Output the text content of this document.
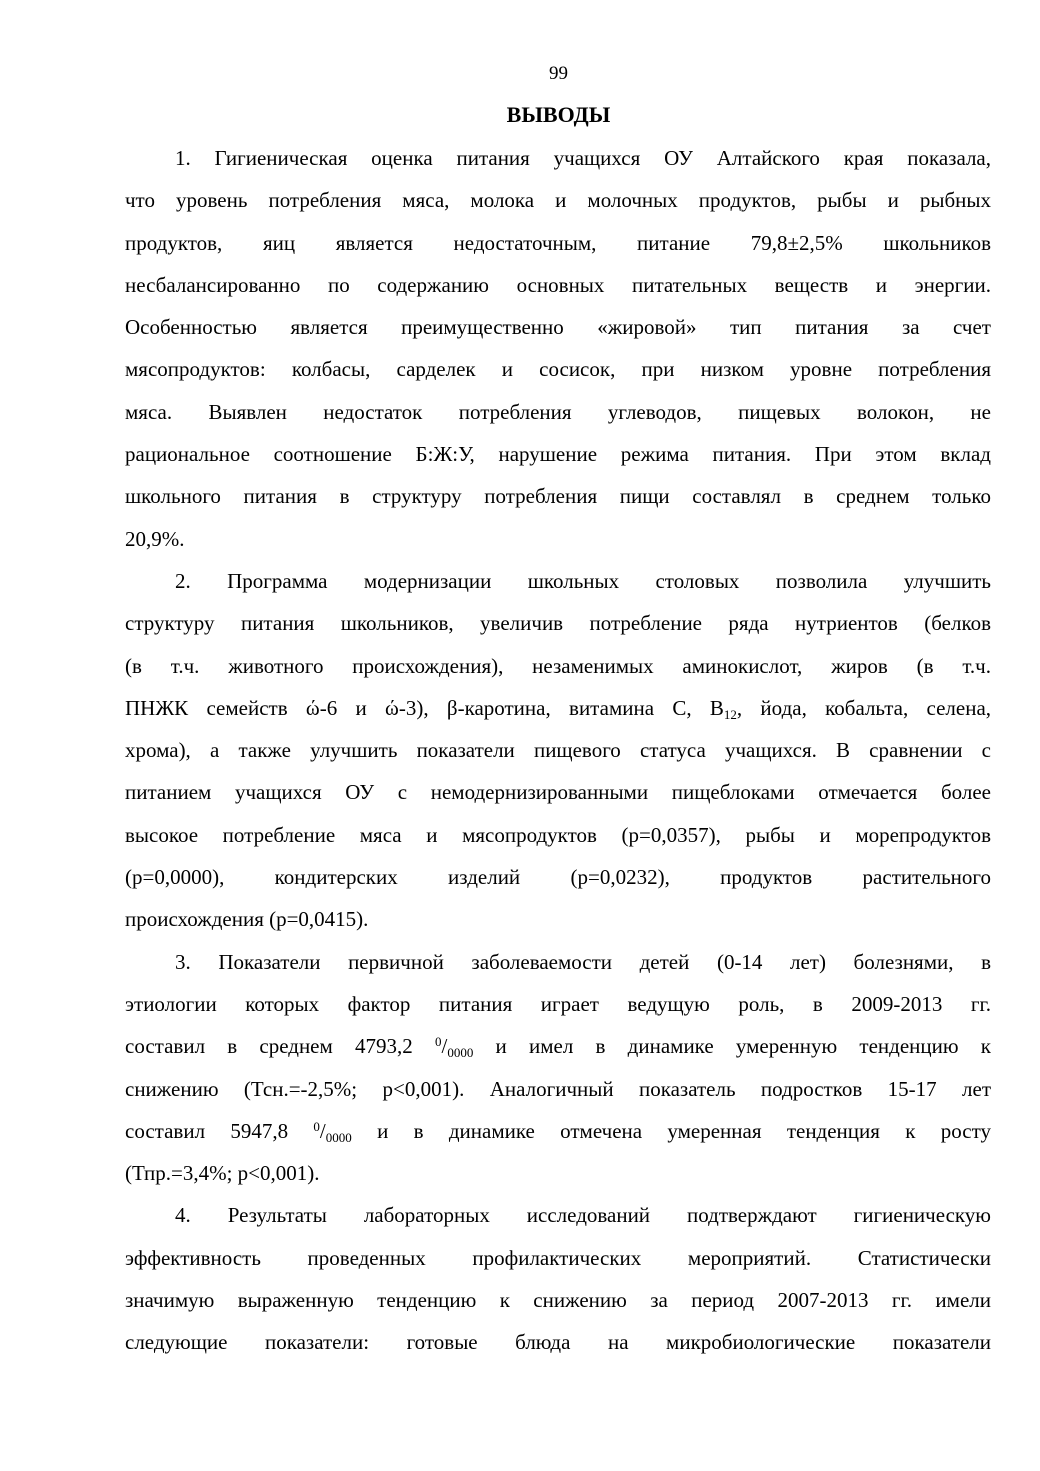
99
ВЫВОДЫ

1. Гигиеническая оценка питания учащихся ОУ Алтайского края показала,
что уровень потребления мяса, молока и молочных продуктов, рыбы и рыбных
продуктов, яиц является недостаточным, питание 79,8±2,5% школьников
несбалансированно по содержанию основных питательных веществ и энергии.
Особенностью является преимущественно «жировой» тип питания за счет
мясопродуктов: колбасы, сарделек и сосисок, при низком уровне потребления
мяса. Выявлен недостаток потребления углеводов, пищевых волокон, не
рациональное соотношение Б:Ж:У, нарушение режима питания. При этом вклад
школьного питания в структуру потребления пищи составлял в среднем только
20,9%.

2. Программа модернизации школьных столовых позволила улучшить
структуру питания школьников, увеличив потребление ряда нутриентов (белков
(в т.ч. животного происхождения), незаменимых аминокислот, жиров (в т.ч.
ПНЖК семейств ώ-6 и ώ-3), β-каротина, витамина С, $В_{12}$, йода, кобальта, селена,
хрома), а также улучшить показатели пищевого статуса учащихся. В сравнении с
питанием учащихся ОУ с немодернизированными пищеблоками отмечается более
высокое потребление мяса и мясопродуктов (р=0,0357), рыбы и морепродуктов
(р=0,0000), кондитерских изделий (р=0,0232), продуктов растительного
происхождения (р=0,0415).

3. Показатели первичной заболеваемости детей (0-14 лет) болезнями, в
этиологии которых фактор питания играет ведущую роль, в 2009-2013 гг.
составил в среднем 4793,2 $^0/_{0000}$ и имел в динамике умеренную тенденцию к
снижению (Тсн.=-2,5%; р<0,001). Аналогичный показатель подростков 15-17 лет
составил 5947,8 $^0/_{0000}$ и в динамике отмечена умеренная тенденция к росту
(Тпр.=3,4%; р<0,001).

4. Результаты лабораторных исследований подтверждают гигиеническую
эффективность проведенных профилактических мероприятий. Статистически
значимую выраженную тенденцию к снижению за период 2007-2013 гг. имели
следующие показатели: готовые блюда на микробиологические показатели
